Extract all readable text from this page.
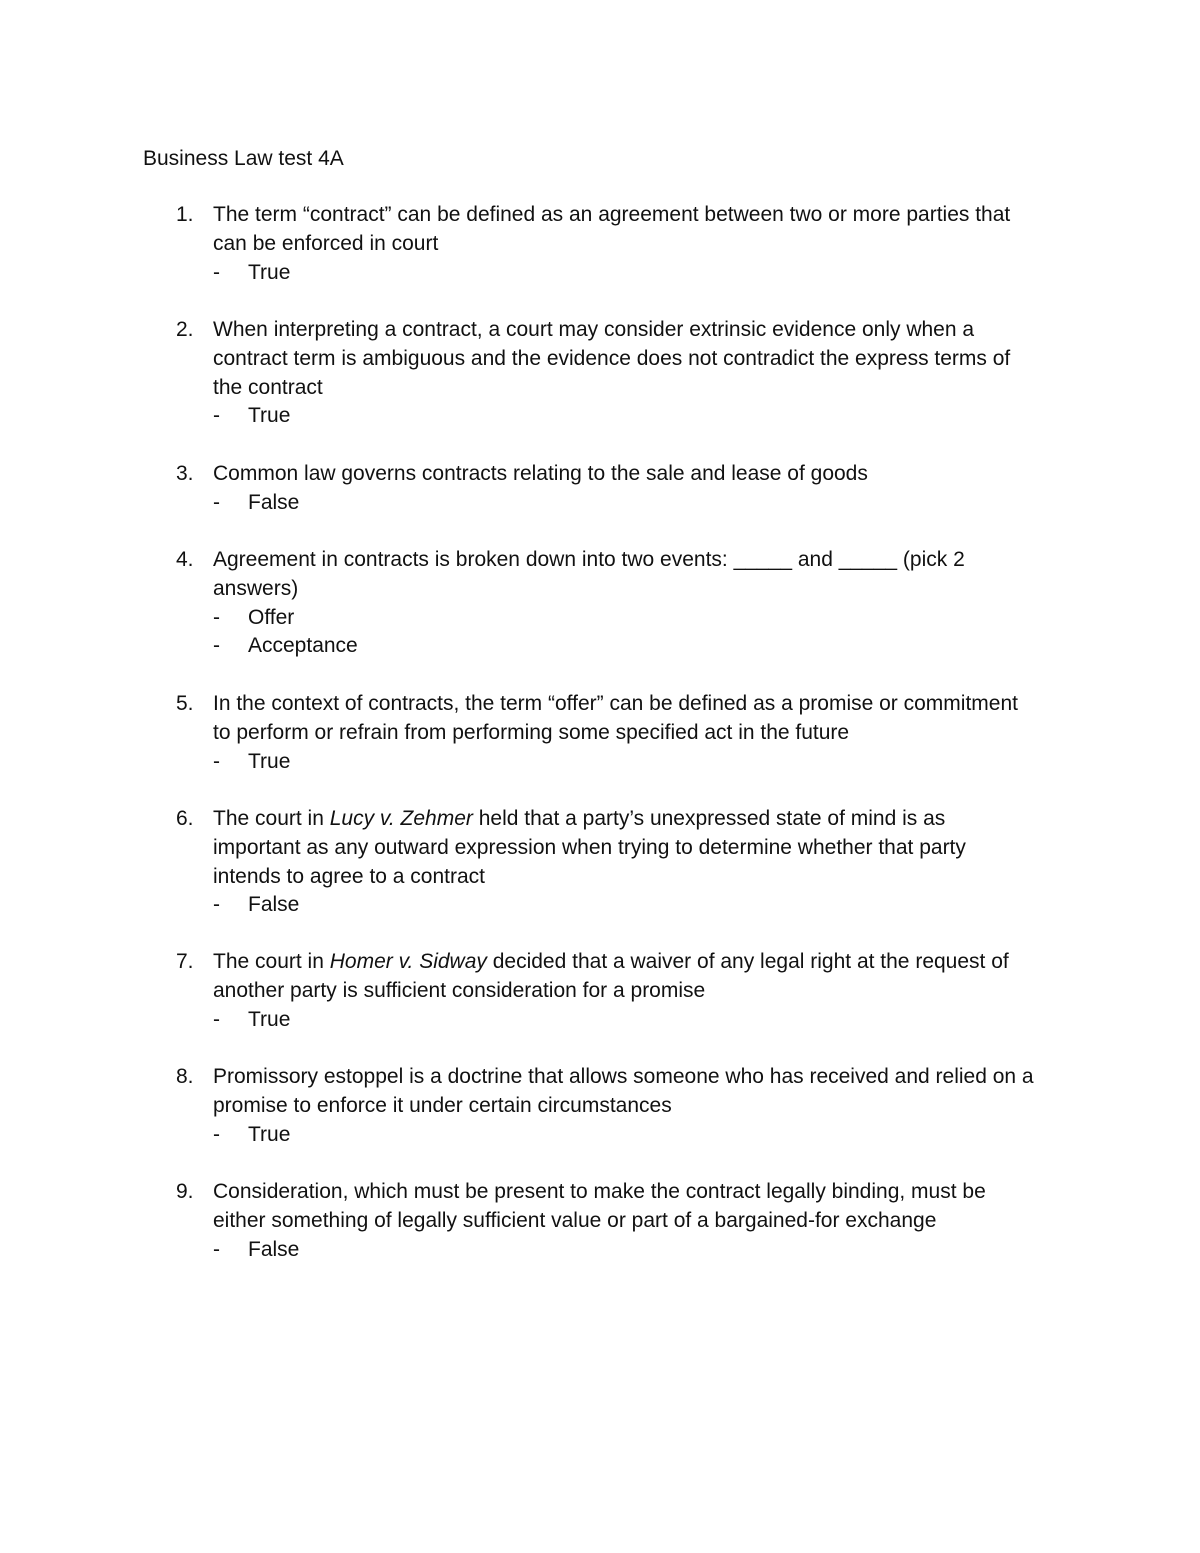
Business Law test 4A
1. The term “contract” can be defined as an agreement between two or more parties that
can be enforced in court
- True
2. When interpreting a contract, a court may consider extrinsic evidence only when a
contract term is ambiguous and the evidence does not contradict the express terms of
the contract
- True
3. Common law governs contracts relating to the sale and lease of goods
- False
4. Agreement in contracts is broken down into two events: _____ and _____ (pick 2
answers)
- Offer
- Acceptance
5. In the context of contracts, the term “offer” can be defined as a promise or commitment
to perform or refrain from performing some specified act in the future
- True
6. The court in Lucy v. Zehmer held that a party’s unexpressed state of mind is as
important as any outward expression when trying to determine whether that party
intends to agree to a contract
- False
7. The court in Homer v. Sidway decided that a waiver of any legal right at the request of
another party is sufficient consideration for a promise
- True
8. Promissory estoppel is a doctrine that allows someone who has received and relied on a
promise to enforce it under certain circumstances
- True
9. Consideration, which must be present to make the contract legally binding, must be
either something of legally sufficient value or part of a bargained-for exchange
- False
